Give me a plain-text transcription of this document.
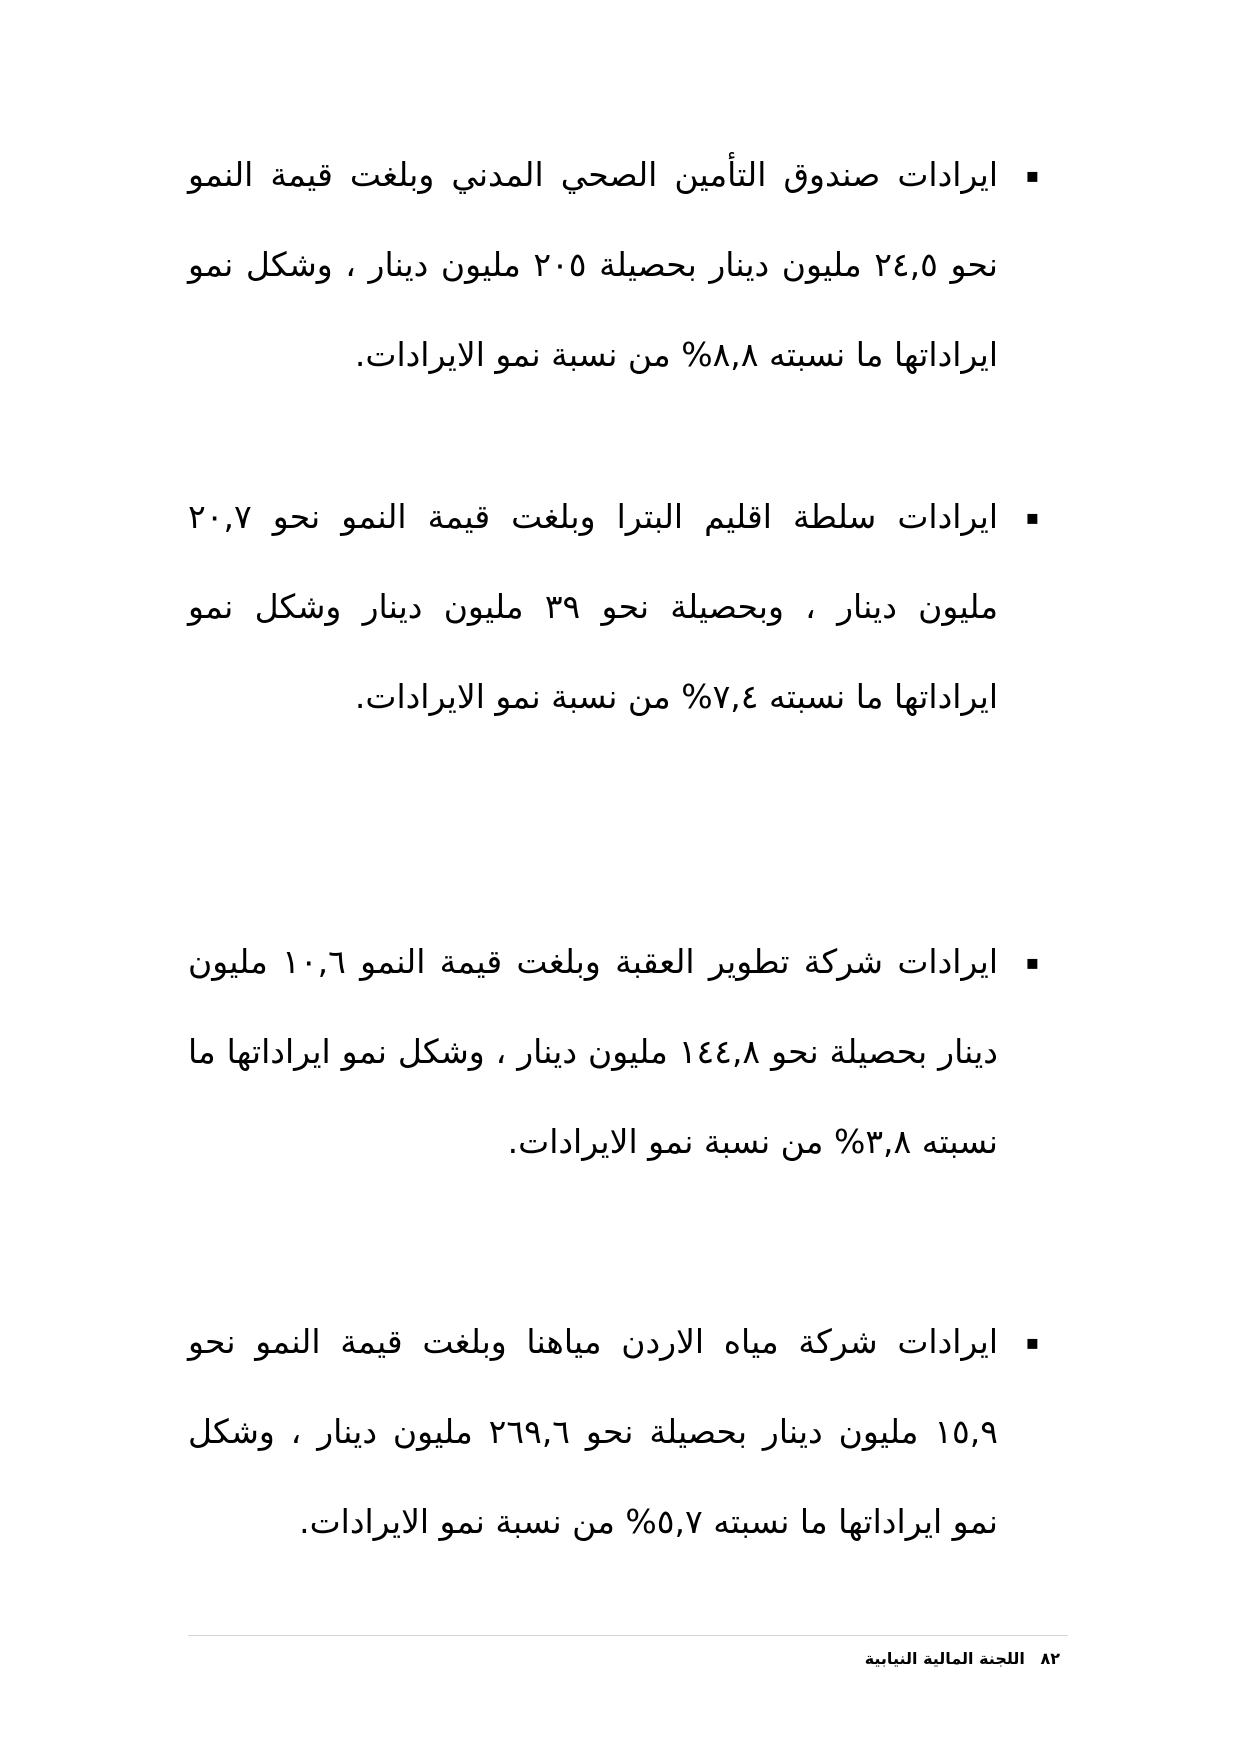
▪
ايرادات صندوق التأمين الصحي المدني وبلغت قيمة النمو نحو ٢٤,٥ مليون دينار بحصيلة ٢٠٥ مليون دينار ، وشكل نمو ايراداتها ما نسبته ٨,٨% من نسبة نمو الايرادات.
▪
ايرادات سلطة اقليم البترا وبلغت قيمة النمو نحو ٢٠,٧ مليون دينار ، وبحصيلة نحو ٣٩ مليون دينار وشكل نمو ايراداتها ما نسبته ٧,٤% من نسبة نمو الايرادات.
▪
ايرادات شركة تطوير العقبة وبلغت قيمة النمو ١٠,٦ مليون دينار بحصيلة نحو ١٤٤,٨ مليون دينار ، وشكل نمو ايراداتها ما نسبته ٣,٨% من نسبة نمو الايرادات.
▪
ايرادات شركة مياه الاردن مياهنا وبلغت قيمة النمو نحو ١٥,٩ مليون دينار بحصيلة نحو ٢٦٩,٦ مليون دينار ، وشكل نمو ايراداتها ما نسبته ٥,٧% من نسبة نمو الايرادات.
٨٢ اللجنة المالية النيابية
